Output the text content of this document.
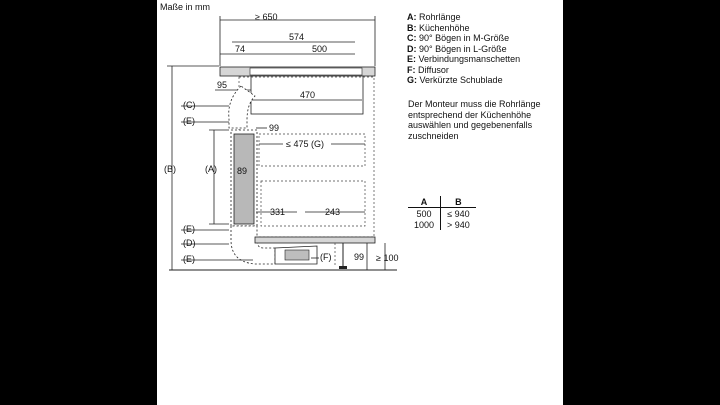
Maße in mm
≥ 650
574
74	500
95
470
89
99
≤ 475 (G)
331	243
99 ≥ 100
(C)
(E)
(A)
(B)
(E)
(D)
(E)	(F)
A: Rohrlänge
B: Küchenhöhe
C: 90° Bögen in M-Größe
D: 90° Bögen in L-Größe
E: Verbindungsmanschetten
F: Diffusor
G: Verkürzte Schublade
Der Monteur muss die Rohrlänge entsprechend der Küchenhöhe auswählen und gegebenenfalls zuschneiden
A	B
500	≤ 940
1000	> 940
